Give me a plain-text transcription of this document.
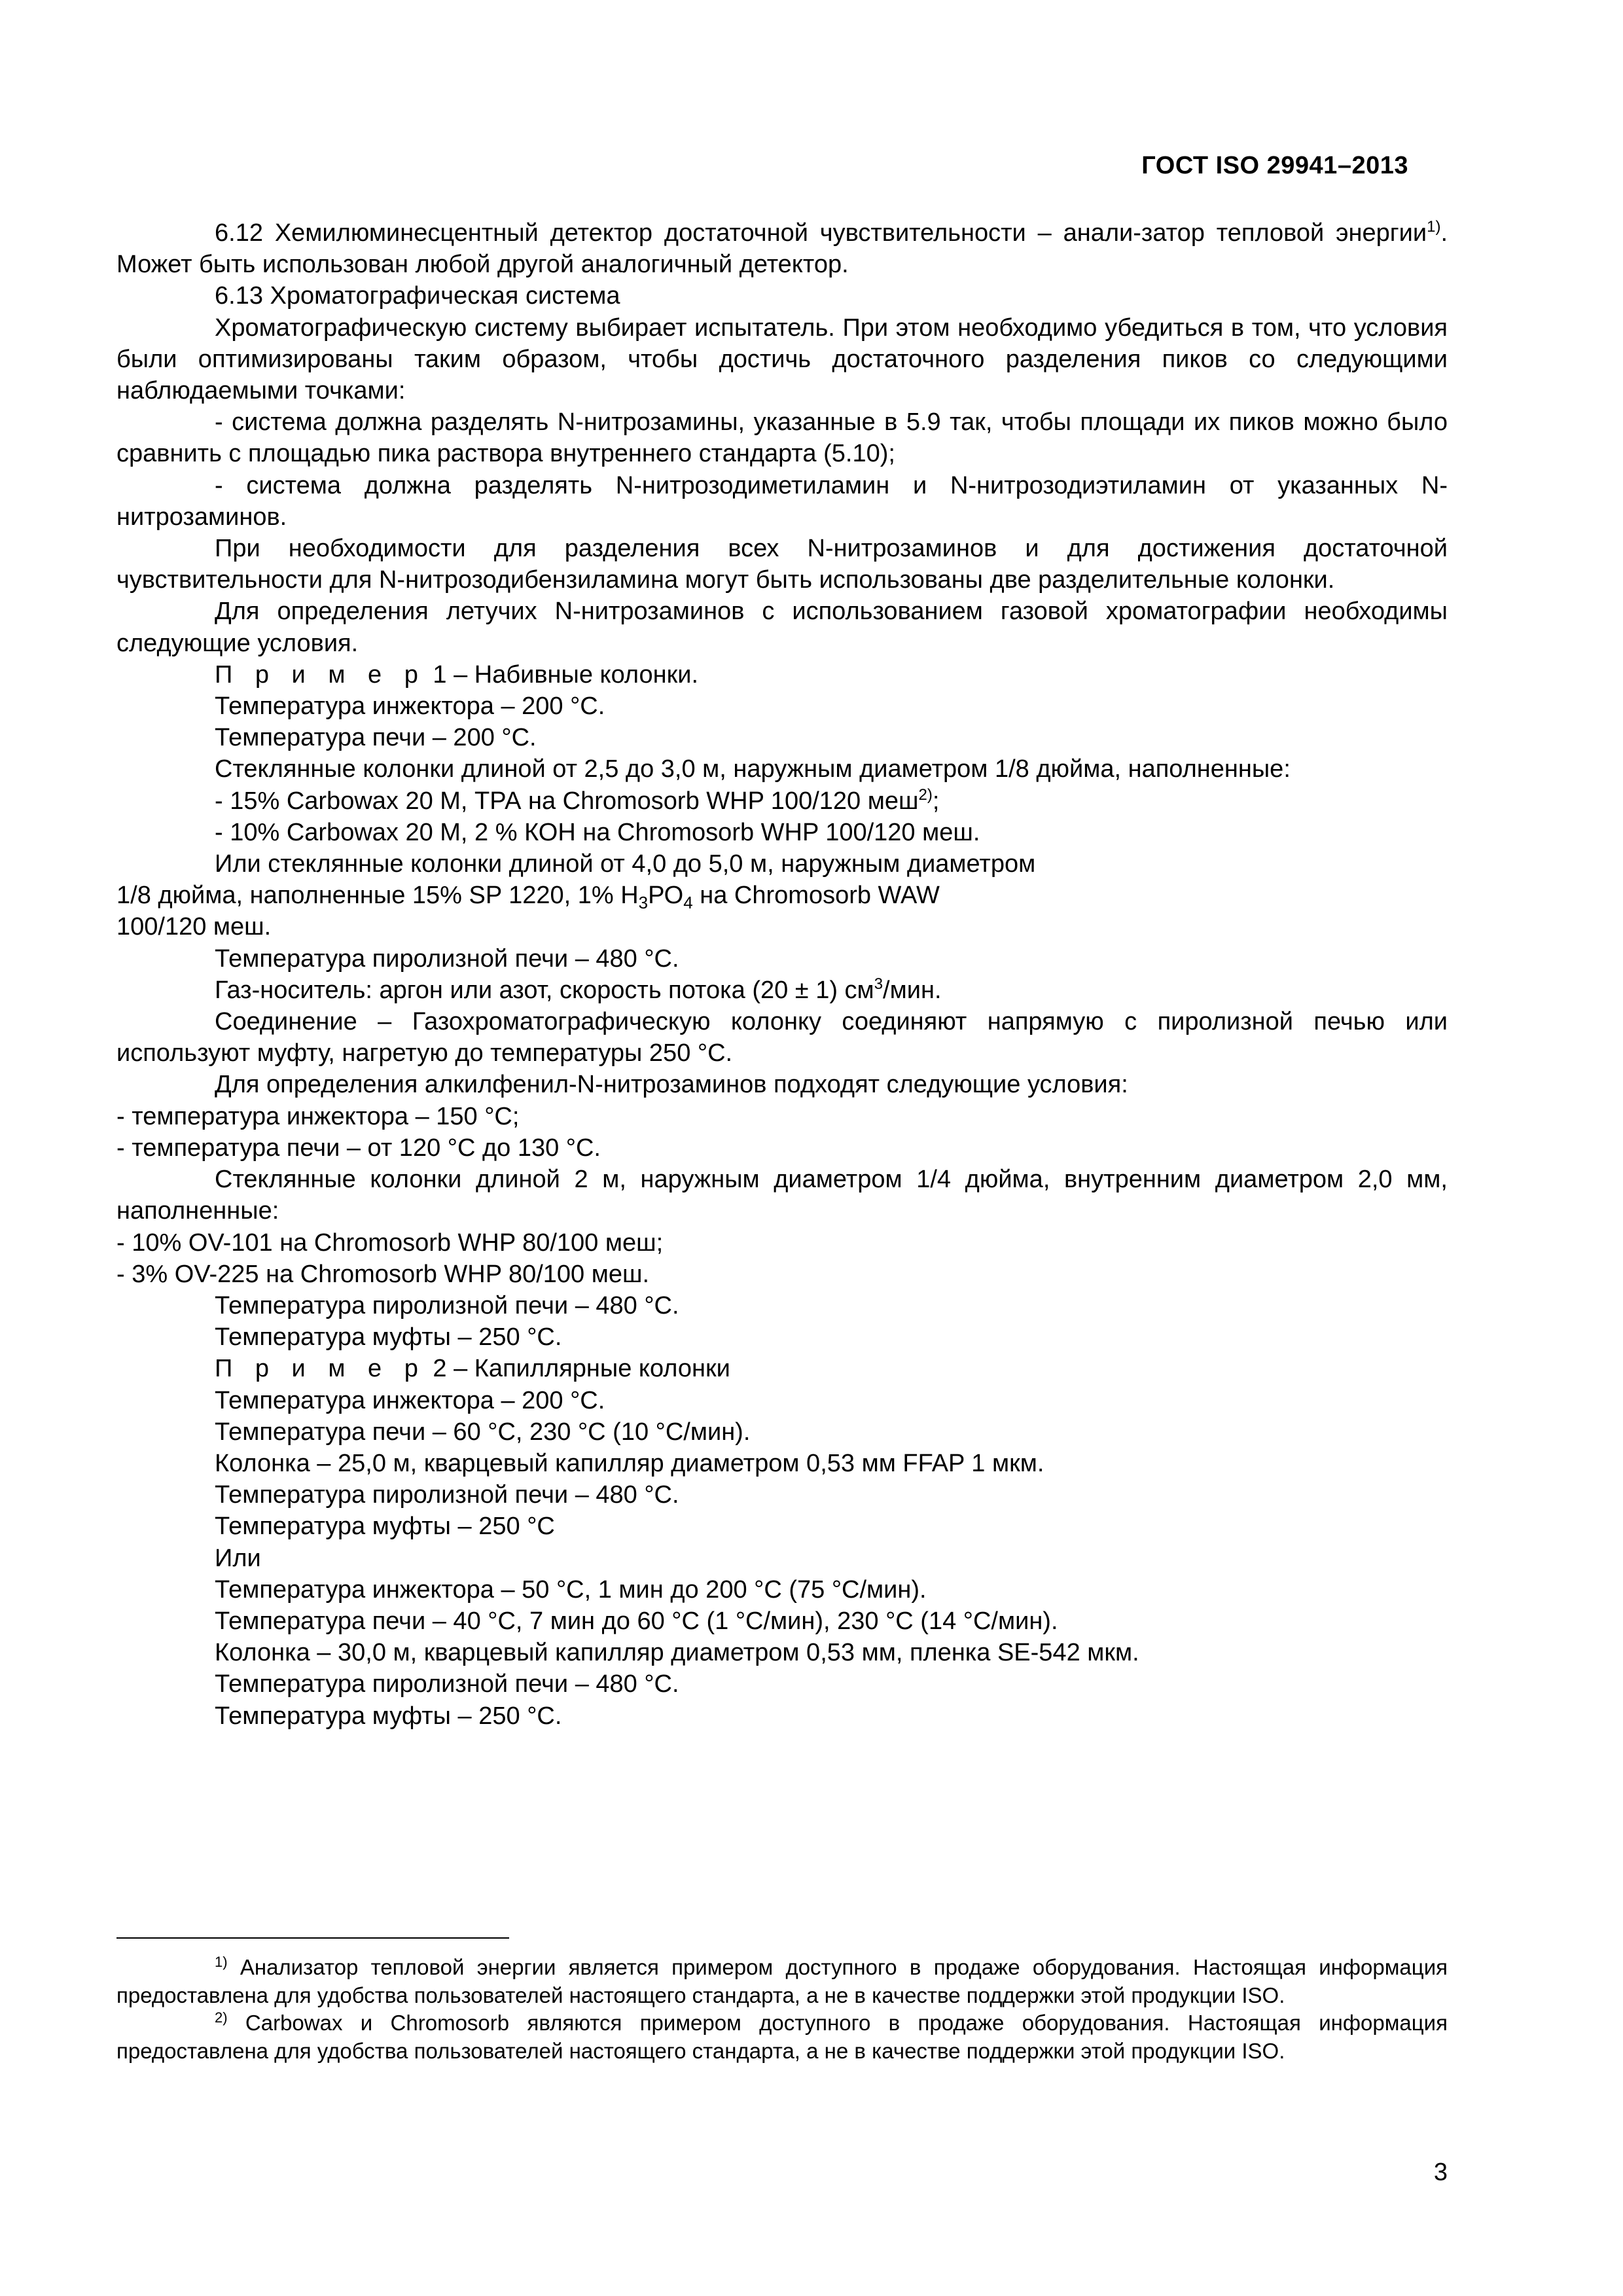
ГОСТ ISO 29941–2013

6.12 Хемилюминесцентный детектор достаточной чувствительности – анали-затор тепловой энергии$^{1)}$. Может быть использован любой другой аналогичный детектор.

6.13 Хроматографическая система

Хроматографическую систему выбирает испытатель. При этом необходимо убедиться в том, что условия были оптимизированы таким образом, чтобы достичь достаточного разделения пиков со следующими наблюдаемыми точками:

- система должна разделять N-нитрозамины, указанные в 5.9 так, чтобы площади их пиков можно было сравнить с площадью пика раствора внутреннего стандарта (5.10);

- система должна разделять N-нитрозодиметиламин и N-нитрозодиэтиламин от указанных N-нитрозаминов.

При необходимости для разделения всех N-нитрозаминов и для достижения достаточной чувствительности для N-нитрозодибензиламина могут быть использованы две разделительные колонки.

Для определения летучих N-нитрозаминов с использованием газовой хроматографии необходимы следующие условия.

П р и м е р 1 – Набивные колонки.

Температура инжектора – 200 °С.

Температура печи – 200 °С.

Стеклянные колонки длиной от 2,5 до 3,0 м, наружным диаметром 1/8 дюйма, наполненные:

- 15% Carbowax 20 M, ТРА на Chromosorb WHP 100/120 меш$^{2)}$;

- 10% Carbowax 20 M, 2 % КОН на Chromosorb WHP 100/120 меш.

Или стеклянные колонки длиной от 4,0 до 5,0 м, наружным диаметром

1/8 дюйма, наполненные 15% SP 1220, 1% $Н_3РО_4$ на Chromosorb WAW

100/120 меш.

Температура пиролизной печи – 480 °С.

Газ-носитель: аргон или азот, скорость потока (20 ± 1) $см^3$/мин.

Соединение – Газохроматографическую колонку соединяют напрямую с пиролизной печью или используют муфту, нагретую до температуры 250 °С.

Для определения алкилфенил-N-нитрозаминов подходят следующие условия:

- температура инжектора – 150 °С;

- температура печи – от 120 °С до 130 °С.

Стеклянные колонки длиной 2 м, наружным диаметром 1/4 дюйма, внутренним диаметром 2,0 мм, наполненные:

- 10% OV-101 на Chromosorb WHP 80/100 меш;

- 3% OV-225 на Chromosorb WHP 80/100 меш.

Температура пиролизной печи – 480 °С.

Температура муфты – 250 °С.

П р и м е р 2 – Капиллярные колонки

Температура инжектора – 200 °С.

Температура печи – 60 °С, 230 °С (10 °С/мин).

Колонка – 25,0 м, кварцевый капилляр диаметром 0,53 мм FFAP 1 мкм.

Температура пиролизной печи – 480 °С.

Температура муфты – 250 °С

Или

Температура инжектора – 50 °С, 1 мин до 200 °С (75 °С/мин).

Температура печи – 40 °С, 7 мин до 60 °С (1 °С/мин), 230 °С (14 °С/мин).

Колонка – 30,0 м, кварцевый капилляр диаметром 0,53 мм, пленка SE-542 мкм.

Температура пиролизной печи – 480 °С.

Температура муфты – 250 °С.

$^{1)}$ Анализатор тепловой энергии является примером доступного в продаже оборудования. Настоящая информация предоставлена для удобства пользователей настоящего стандарта, а не в качестве поддержки этой продукции ISO.

$^{2)}$ Carbowax и Chromosorb являются примером доступного в продаже оборудования. Настоящая информация предоставлена для удобства пользователей настоящего стандарта, а не в качестве поддержки этой продукции ISO.

3
